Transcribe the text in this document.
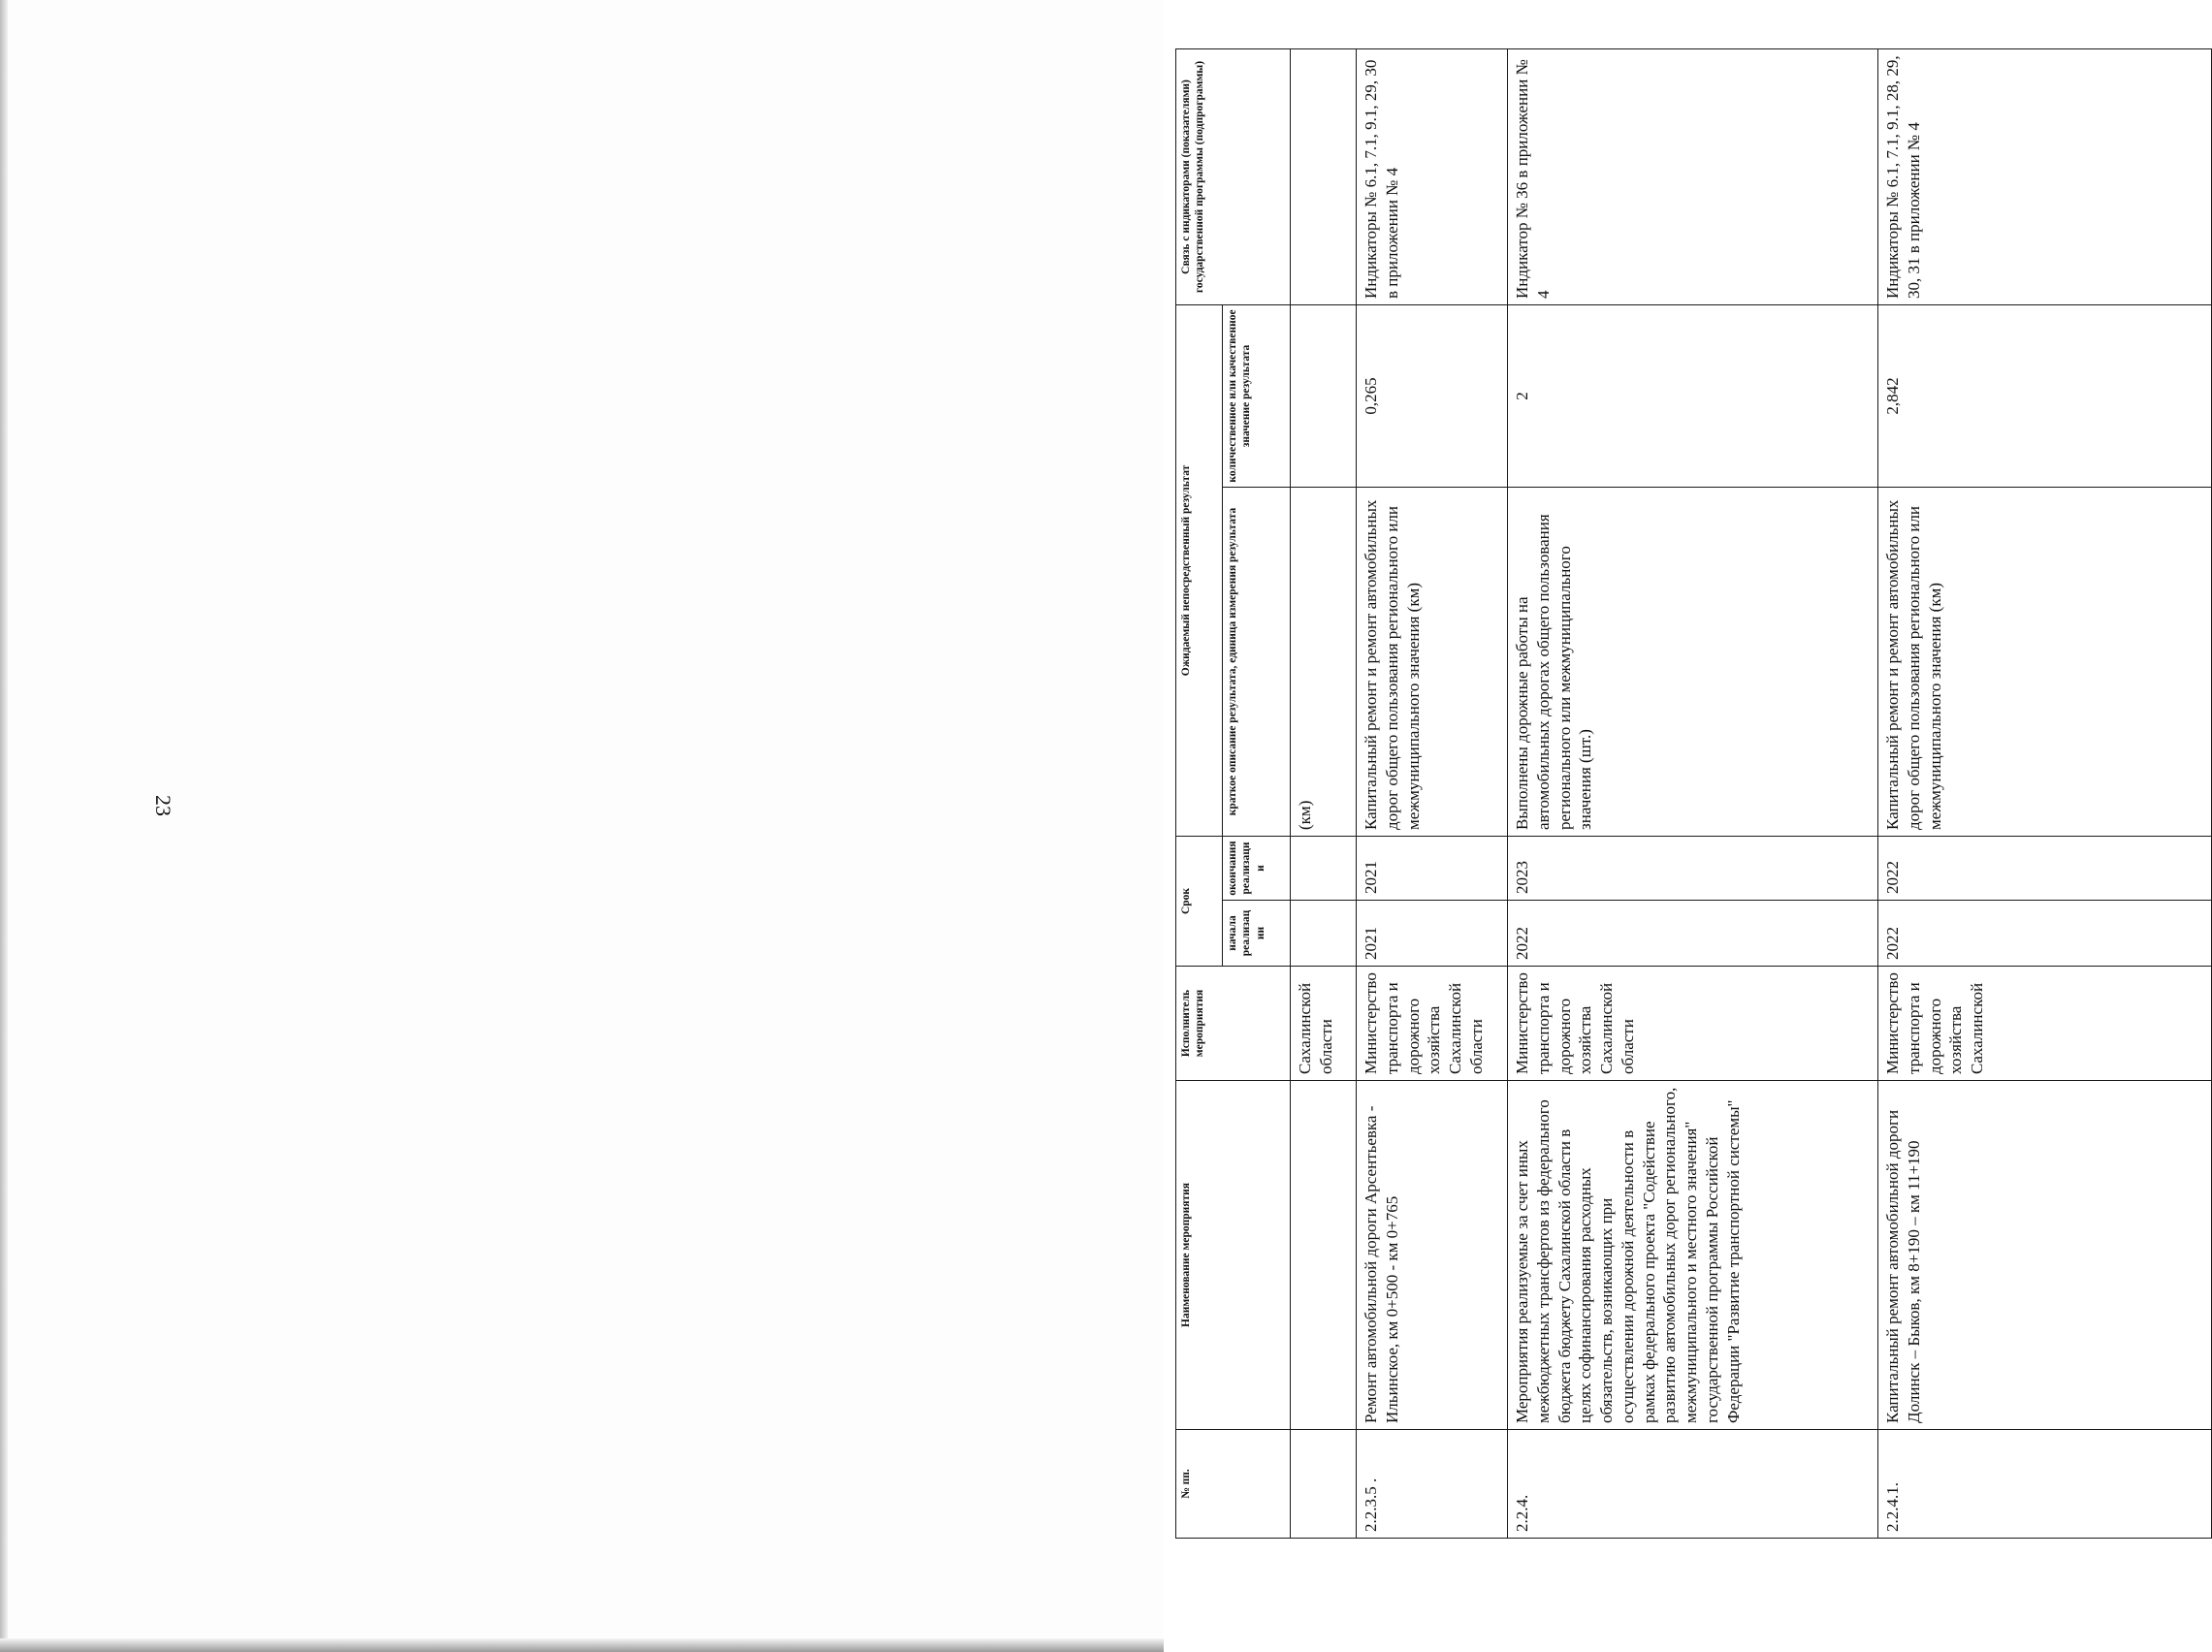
23
№ пп.	Наименование мероприятия	Исполнитель мероприятия	Срок		Ожидаемый непосредственный результат		Связь с индикаторами (показателями) государственной программы (подпрограммы)
			начала реализац ии	окончания реализаци и	краткое описание результата, единица измерения результата	количественное или качественное значение результата	
		Сахалинской области			(км)		
2.2.3.5 .	Ремонт автомобильной дороги Арсентьевка - Ильинское, км 0+500 - км 0+765	Министерство транспорта и дорожного хозяйства Сахалинской области	2021	2021	Капитальный ремонт и ремонт автомобильных дорог общего пользования регионального или межмуниципального значения (км)	0,265	Индикаторы № 6.1, 7.1, 9.1, 29, 30 в приложении № 4
2.2.4.	Мероприятия реализуемые за счет иных межбюджетных трансфертов из федерального бюджета бюджету Сахалинской области в целях софинансирования расходных обязательств, возникающих при осуществлении дорожной деятельности в рамках федерального проекта "Содействие развитию автомобильных дорог регионального, межмуниципального и местного значения" государственной программы Российской Федерации "Развитие транспортной системы"	Министерство транспорта и дорожного хозяйства Сахалинской области	2022	2023	Выполнены дорожные работы на автомобильных дорогах общего пользования регионального или межмуниципального значения (шт.)	2	Индикатор № 36 в приложении № 4
2.2.4.1.	Капитальный ремонт автомобильной дороги Долинск – Быков, км 8+190 – км 11+190	Министерство транспорта и дорожного хозяйства Сахалинской	2022	2022	Капитальный ремонт и ремонт автомобильных дорог общего пользования регионального или межмуниципального значения (км)	2,842	Индикаторы № 6.1, 7.1, 9.1, 28, 29, 30, 31 в приложении № 4
